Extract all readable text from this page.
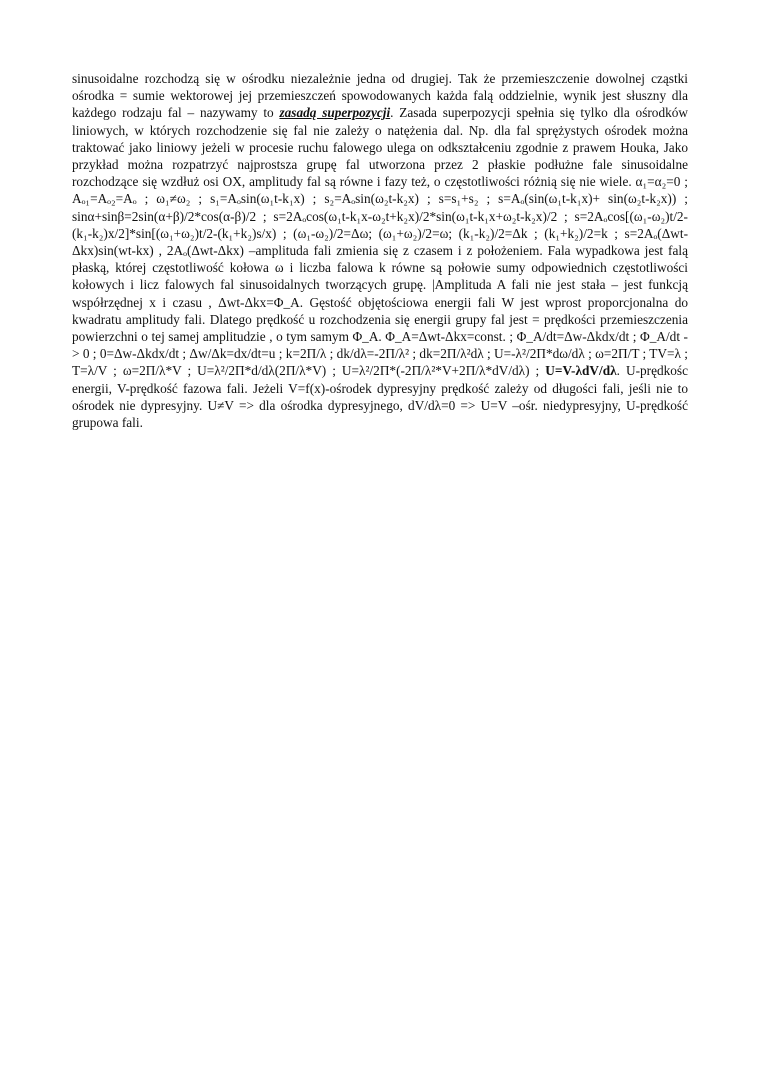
sinusoidalne rozchodzą się w ośrodku niezależnie jedna od drugiej. Tak że przemieszczenie dowolnej cząstki ośrodka = sumie wektorowej jej przemieszczeń spowodowanych każda falą oddzielnie, wynik jest słuszny dla każdego rodzaju fal – nazywamy to zasadą superpozycji. Zasada superpozycji spełnia się tylko dla ośrodków liniowych, w których rozchodzenie się fal nie zależy o natężenia dal. Np. dla fal sprężystych ośrodek można traktować jako liniowy jeżeli w procesie ruchu falowego ulega on odkształceniu zgodnie z prawem Houka, Jako przykład można rozpatrzyć najprostsza grupę fal utworzona przez 2 płaskie podłużne fale sinusoidalne rozchodzące się wzdłuż osi OX, amplitudy fal są równe i fazy też, o częstotliwości różnią się nie wiele. α₁=α₂=0 ; Aₒ₁=Aₒ₂=Aₒ ; ω₁≠ω₂ ; s₁=Aₒsin(ω₁t-k₁x) ; s₂=Aₒsin(ω₂t-k₂x) ; s=s₁+s₂ ; s=Aₒ(sin(ω₁t-k₁x)+ sin(ω₂t-k₂x)) ; sinα+sinβ=2sin(α+β)/2*cos(α-β)/2 ; s=2Aₒcos(ω₁t-k₁x-ω₂t+k₂x)/2*sin(ω₁t-k₁x+ω₂t-k₂x)/2 ; s=2Aₒcos[(ω₁-ω₂)t/2-(k₁-k₂)x/2]*sin[(ω₁+ω₂)t/2-(k₁+k₂)s/x) ; (ω₁-ω₂)/2=Δω; (ω₁+ω₂)/2=ω; (k₁-k₂)/2=Δk ; (k₁+k₂)/2=k ; s=2Aₒ(Δwt-Δkx)sin(wt-kx) , 2Aₒ(Δwt-Δkx) –amplituda fali zmienia się z czasem i z położeniem. Fala wypadkowa jest falą płaską, której częstotliwość kołowa ω i liczba falowa k równe są połowie sumy odpowiednich częstotliwości kołowych i licz falowych fal sinusoidalnych tworzących grupę. |Amplituda A fali nie jest stała – jest funkcją współrzędnej x i czasu , Δwt-Δkx=Φ_A. Gęstość objętościowa energii fali W jest wprost proporcjonalna do kwadratu amplitudy fali. Dlatego prędkość u rozchodzenia się energii grupy fal jest = prędkości przemieszczenia powierzchni o tej samej amplitudzie , o tym samym Φ_A. Φ_A=Δwt-Δkx=const. ; Φ_A/dt=Δw-Δkdx/dt ; Φ_A/dt -> 0 ; 0=Δw-Δkdx/dt ; Δw/Δk=dx/dt=u ; k=2Π/λ ; dk/dλ=-2Π/λ² ; dk=2Π/λ²dλ ; U=-λ²/2Π*dω/dλ ; ω=2Π/T ; TV=λ ; T=λ/V ; ω=2Π/λ*V ; U=λ²/2Π*d/dλ(2Π/λ*V) ; U=λ²/2Π*(-2Π/λ²*V+2Π/λ*dV/dλ) ; U=V-λdV/dλ. U-prędkośc energii, V-prędkość fazowa fali. Jeżeli V=f(x)-ośrodek dypresyjny prędkość zależy od długości fali, jeśli nie to ośrodek nie dypresyjny. U≠V => dla ośrodka dypresyjnego, dV/dλ=0 => U=V –ośr. niedypresyjny, U-prędkość grupowa fali.
